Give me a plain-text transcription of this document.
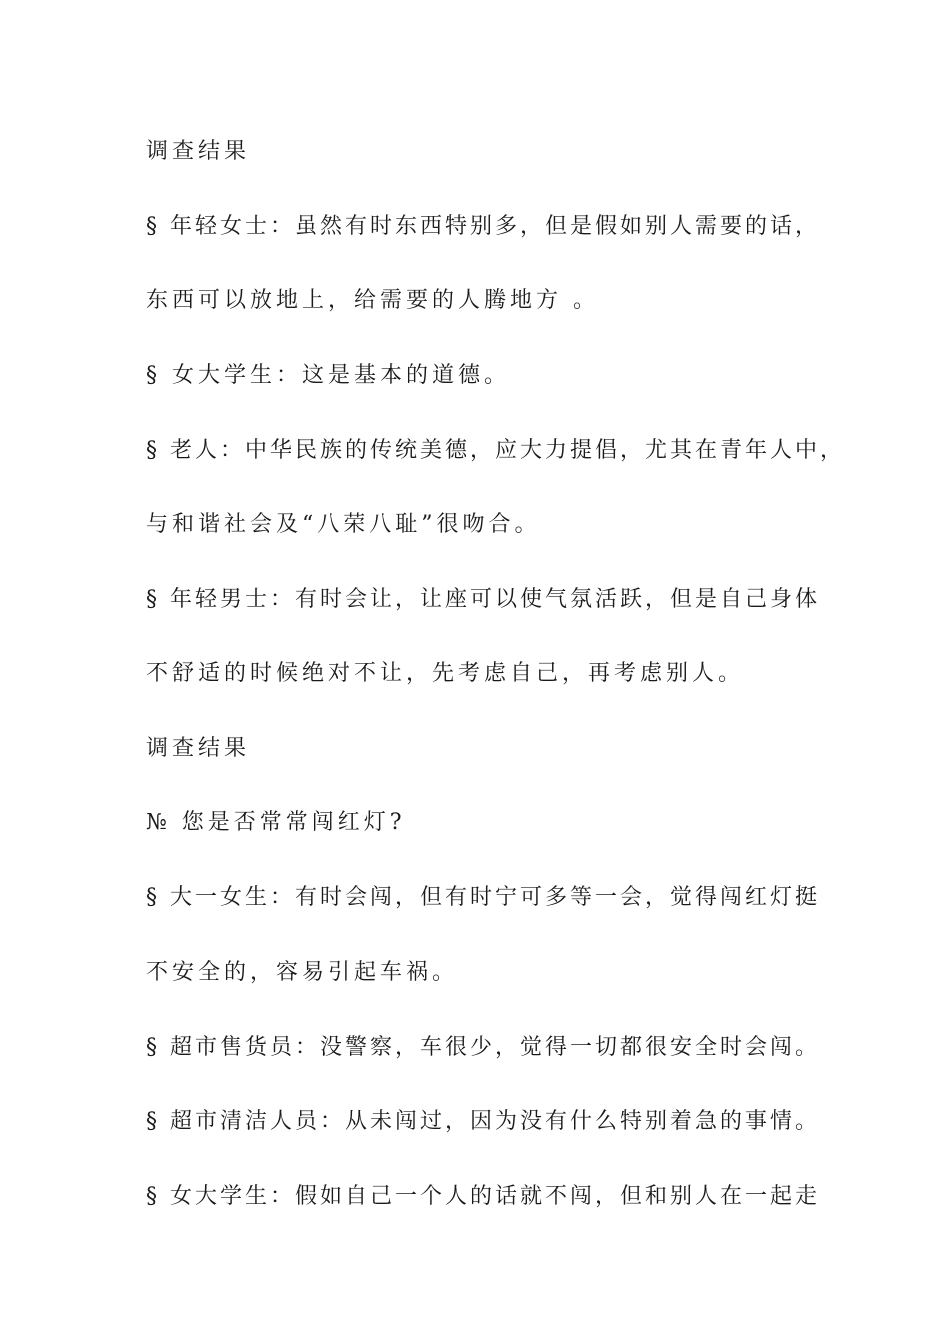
调查结果
§ 年轻女士：虽然有时东西特别多，但是假如别人需要的话，
东西可以放地上，给需要的人腾地方 。
§ 女大学生：这是基本的道德。
§ 老人：中华民族的传统美德，应大力提倡，尤其在青年人中，
与和谐社会及“八荣八耻”很吻合。
§ 年轻男士：有时会让，让座可以使气氛活跃，但是自己身体
不舒适的时候绝对不让，先考虑自己，再考虑别人。
调查结果
№ 您是否常常闯红灯?
§ 大一女生：有时会闯，但有时宁可多等一会，觉得闯红灯挺
不安全的，容易引起车祸。
§ 超市售货员：没警察，车很少，觉得一切都很安全时会闯。
§ 超市清洁人员：从未闯过，因为没有什么特别着急的事情。
§ 女大学生：假如自己一个人的话就不闯，但和别人在一起走
